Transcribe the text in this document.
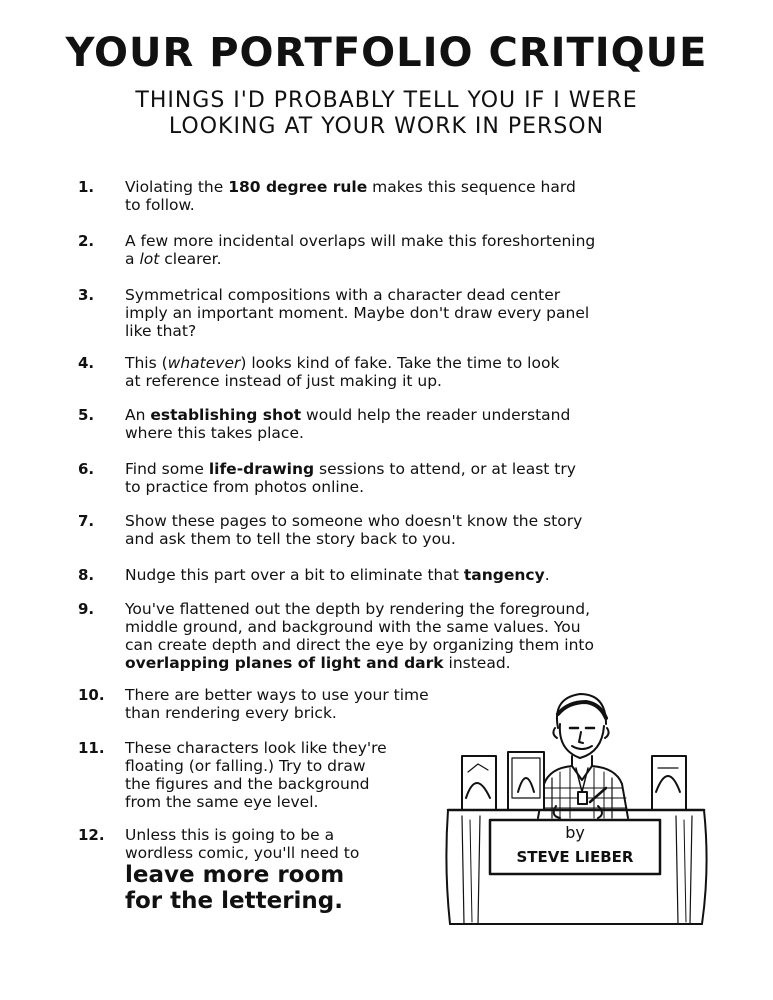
YOUR PORTFOLIO CRITIQUE
THINGS I'D PROBABLY TELL YOU IF I WERE
LOOKING AT YOUR WORK IN PERSON
1. Violating the 180 degree rule makes this sequence hard
to follow.
2. A few more incidental overlaps will make this foreshortening
a lot clearer.
3. Symmetrical compositions with a character dead center
imply an important moment. Maybe don't draw every panel
like that?
4. This (whatever) looks kind of fake. Take the time to look
at reference instead of just making it up.
5. An establishing shot would help the reader understand
where this takes place.
6. Find some life-drawing sessions to attend, or at least try
to practice from photos online.
7. Show these pages to someone who doesn't know the story
and ask them to tell the story back to you.
8. Nudge this part over a bit to eliminate that tangency.
9. You've flattened out the depth by rendering the foreground,
middle ground, and background with the same values. You
can create depth and direct the eye by organizing them into
overlapping planes of light and dark instead.
10. There are better ways to use your time
than rendering every brick.
11. These characters look like they're
floating (or falling.) Try to draw
the figures and the background
from the same eye level.
12. Unless this is going to be a
wordless comic, you'll need to
leave more room
for the lettering.
by
STEVE LIEBER
